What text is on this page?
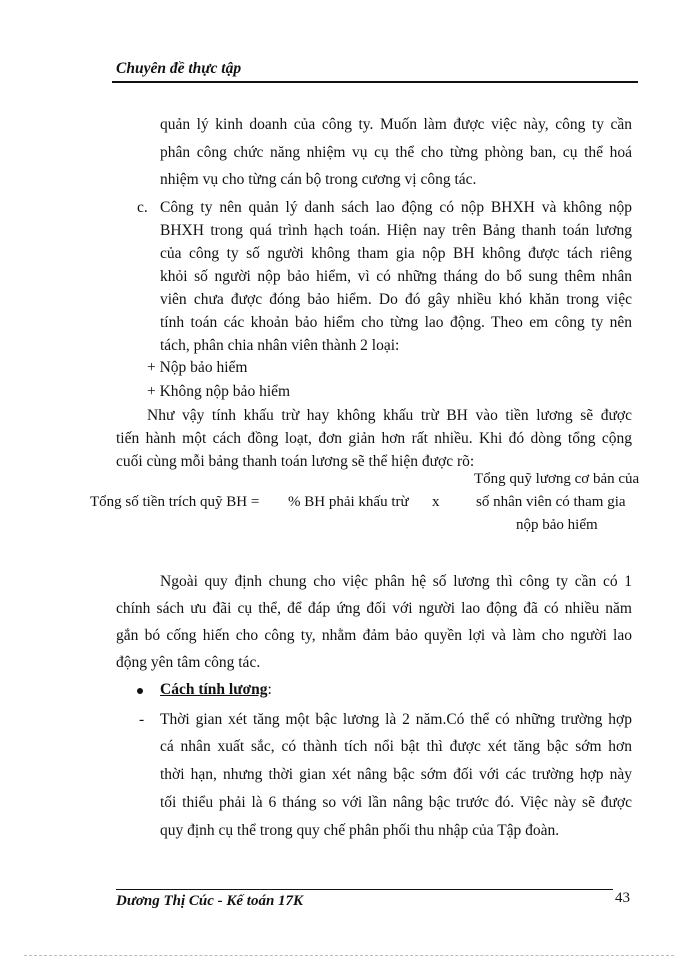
Chuyên đề thực tập
quản lý kinh doanh của công ty. Muốn làm được việc này, công ty cần
phân công chức năng nhiệm vụ cụ thể cho từng phòng ban, cụ thể hoá
nhiệm vụ cho từng cán bộ trong cương vị công tác.
c. Công ty nên quản lý danh sách lao động có nộp BHXH và không nộp
BHXH trong quá trình hạch toán. Hiện nay trên Bảng thanh toán lương
của công ty số người không tham gia nộp BH không được tách riêng
khỏi số người nộp bảo hiểm, vì có những tháng do bổ sung thêm nhân
viên chưa được đóng bảo hiểm. Do đó gây nhiều khó khăn trong việc
tính toán các khoản bảo hiểm cho từng lao động. Theo em công ty nên
tách, phân chia nhân viên thành 2 loại:
+ Nộp bảo hiểm
+ Không nộp bảo hiểm
Như vậy tính khấu trừ hay không khấu trừ BH vào tiền lương sẽ được
tiến hành một cách đồng loạt, đơn giản hơn rất nhiều. Khi đó dòng tổng cộng
cuối cùng mỗi bảng thanh toán lương sẽ thể hiện được rõ:
Tổng số tiền trích quỹ BH = % BH phải khấu trừ x
Tổng quỹ lương cơ bản của
số nhân viên có tham gia
nộp bảo hiểm
Ngoài quy định chung cho việc phân hệ số lương thì công ty cần có 1
chính sách ưu đãi cụ thể, để đáp ứng đối với người lao động đã có nhiều năm
gắn bó cống hiến cho công ty, nhằm đảm bảo quyền lợi và làm cho người lao
động yên tâm công tác.
Cách tính lương:
- Thời gian xét tăng một bậc lương là 2 năm.Có thể có những trường hợp
cá nhân xuất sắc, có thành tích nổi bật thì được xét tăng bậc sớm hơn
thời hạn, nhưng thời gian xét nâng bậc sớm đối với các trường hợp này
tối thiểu phải là 6 tháng so với lần nâng bậc trước đó. Việc này sẽ được
quy định cụ thể trong quy chế phân phối thu nhập của Tập đoàn.
Dương Thị Cúc - Kế toán 17K	43
